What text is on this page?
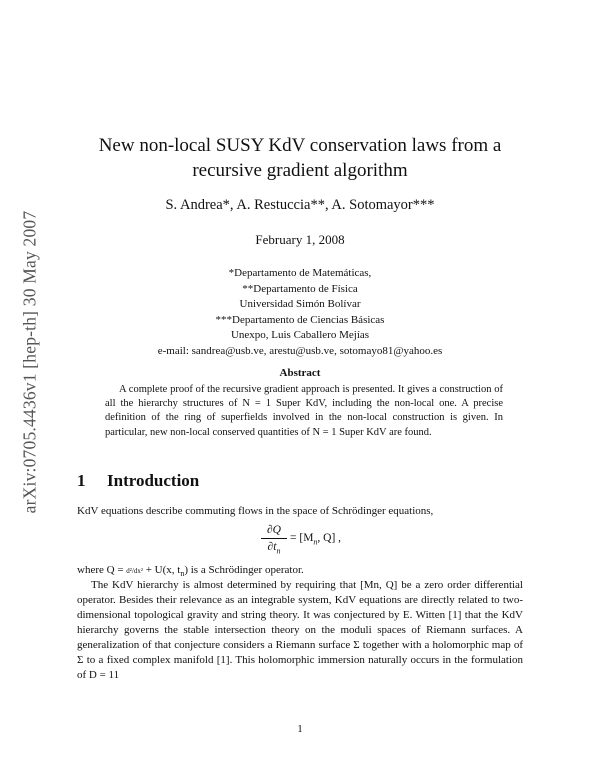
arXiv:0705.4436v1 [hep-th] 30 May 2007
New non-local SUSY KdV conservation laws from a
recursive gradient algorithm
S. Andrea*, A. Restuccia**, A. Sotomayor***
February 1, 2008
*Departamento de Matemáticas,
**Departamento de Física
Universidad Simón Bolívar
***Departamento de Ciencias Básicas
Unexpo, Luis Caballero Mejías
e-mail: sandrea@usb.ve, arestu@usb.ve, sotomayo81@yahoo.es
Abstract
A complete proof of the recursive gradient approach is presented. It gives a construction of all the hierarchy structures of N = 1 Super KdV, including the non-local one. A precise definition of the ring of superfields involved in the non-local construction is given. In particular, new non-local conserved quantities of N = 1 Super KdV are found.
1 Introduction
KdV equations describe commuting flows in the space of Schrödinger equations,
∂Q
$\partial t_n$
= [$M_n$, Q] ,
where Q = d²/dx² + U(x, $t_n$) is a Schrödinger operator.
The KdV hierarchy is almost determined by requiring that [Mn, Q] be a zero order differential operator. Besides their relevance as an integrable system, KdV equations are directly related to two-dimensional topological gravity and string theory. It was conjectured by E. Witten [1] that the KdV hierarchy governs the stable intersection theory on the moduli spaces of Riemann surfaces. A generalization of that conjecture considers a Riemann surface Σ together with a holomorphic map of Σ to a fixed complex manifold [1]. This holomorphic immersion naturally occurs in the formulation of D = 11
1
